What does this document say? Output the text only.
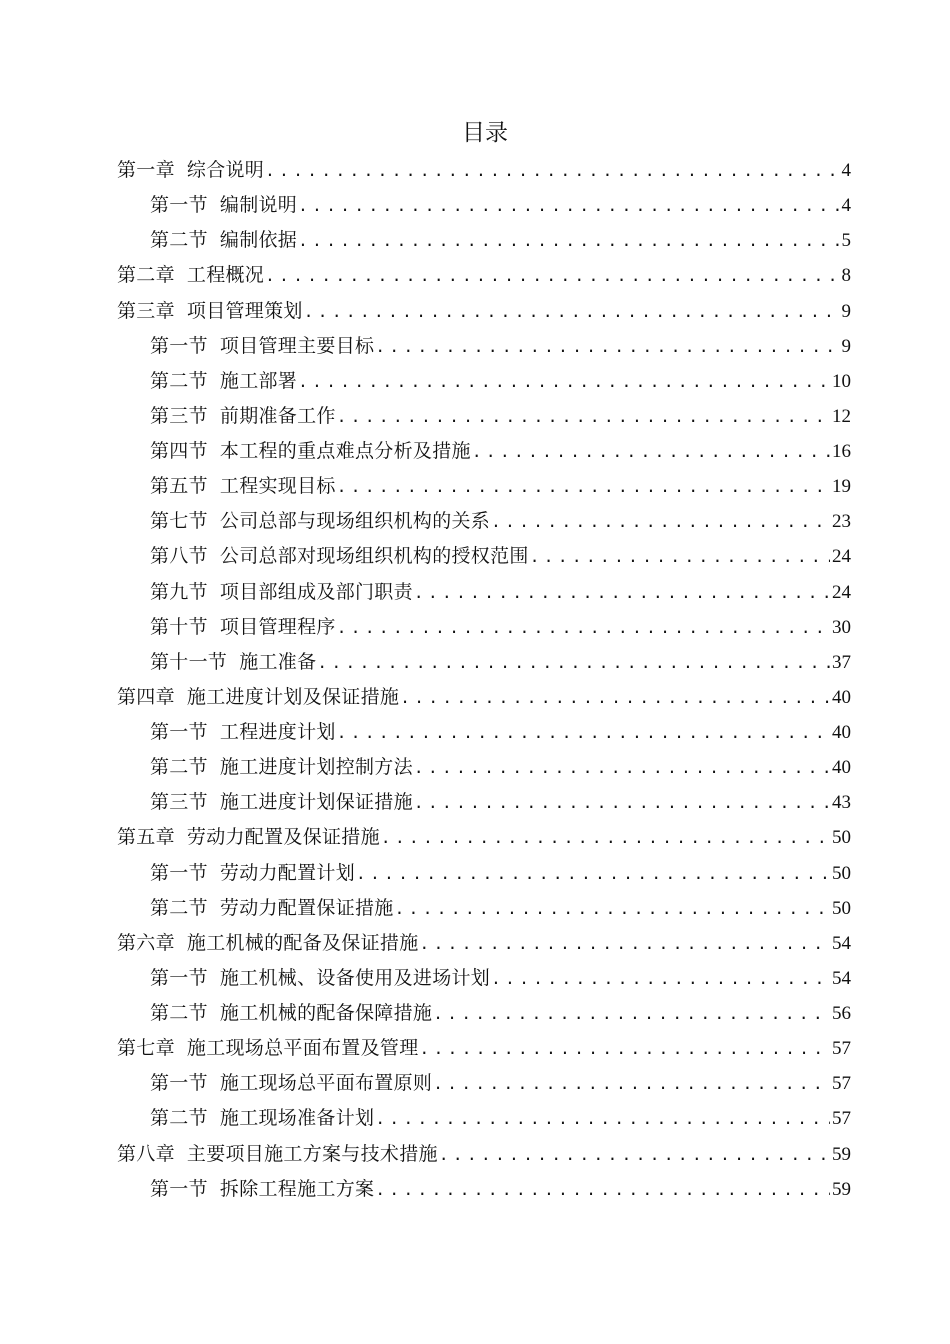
目录
第一章 综合说明 . . .	4
第一节 编制说明 . . .	4
第二节 编制依据 . . .	5
第二章 工程概况 . . .	8
第三章 项目管理策划 . . .	9
第一节 项目管理主要目标 . . .	9
第二节 施工部署 . . .	10
第三节 前期准备工作 . . .	12
第四节 本工程的重点难点分析及措施 . . .	16
第五节 工程实现目标 . . .	19
第七节 公司总部与现场组织机构的关系 . . .	23
第八节 公司总部对现场组织机构的授权范围 . . .	24
第九节 项目部组成及部门职责 . . .	24
第十节 项目管理程序 . . .	30
第十一节 施工准备 . . .	37
第四章 施工进度计划及保证措施 . . .	40
第一节 工程进度计划 . . .	40
第二节 施工进度计划控制方法 . . .	40
第三节 施工进度计划保证措施 . . .	43
第五章 劳动力配置及保证措施 . . .	50
第一节 劳动力配置计划 . . .	50
第二节 劳动力配置保证措施 . . .	50
第六章 施工机械的配备及保证措施 . . .	54
第一节 施工机械、设备使用及进场计划 . . .	54
第二节 施工机械的配备保障措施 . . .	56
第七章 施工现场总平面布置及管理 . . .	57
第一节 施工现场总平面布置原则 . . .	57
第二节 施工现场准备计划 . . .	57
第八章 主要项目施工方案与技术措施 . . .	59
第一节 拆除工程施工方案 . . .	59
